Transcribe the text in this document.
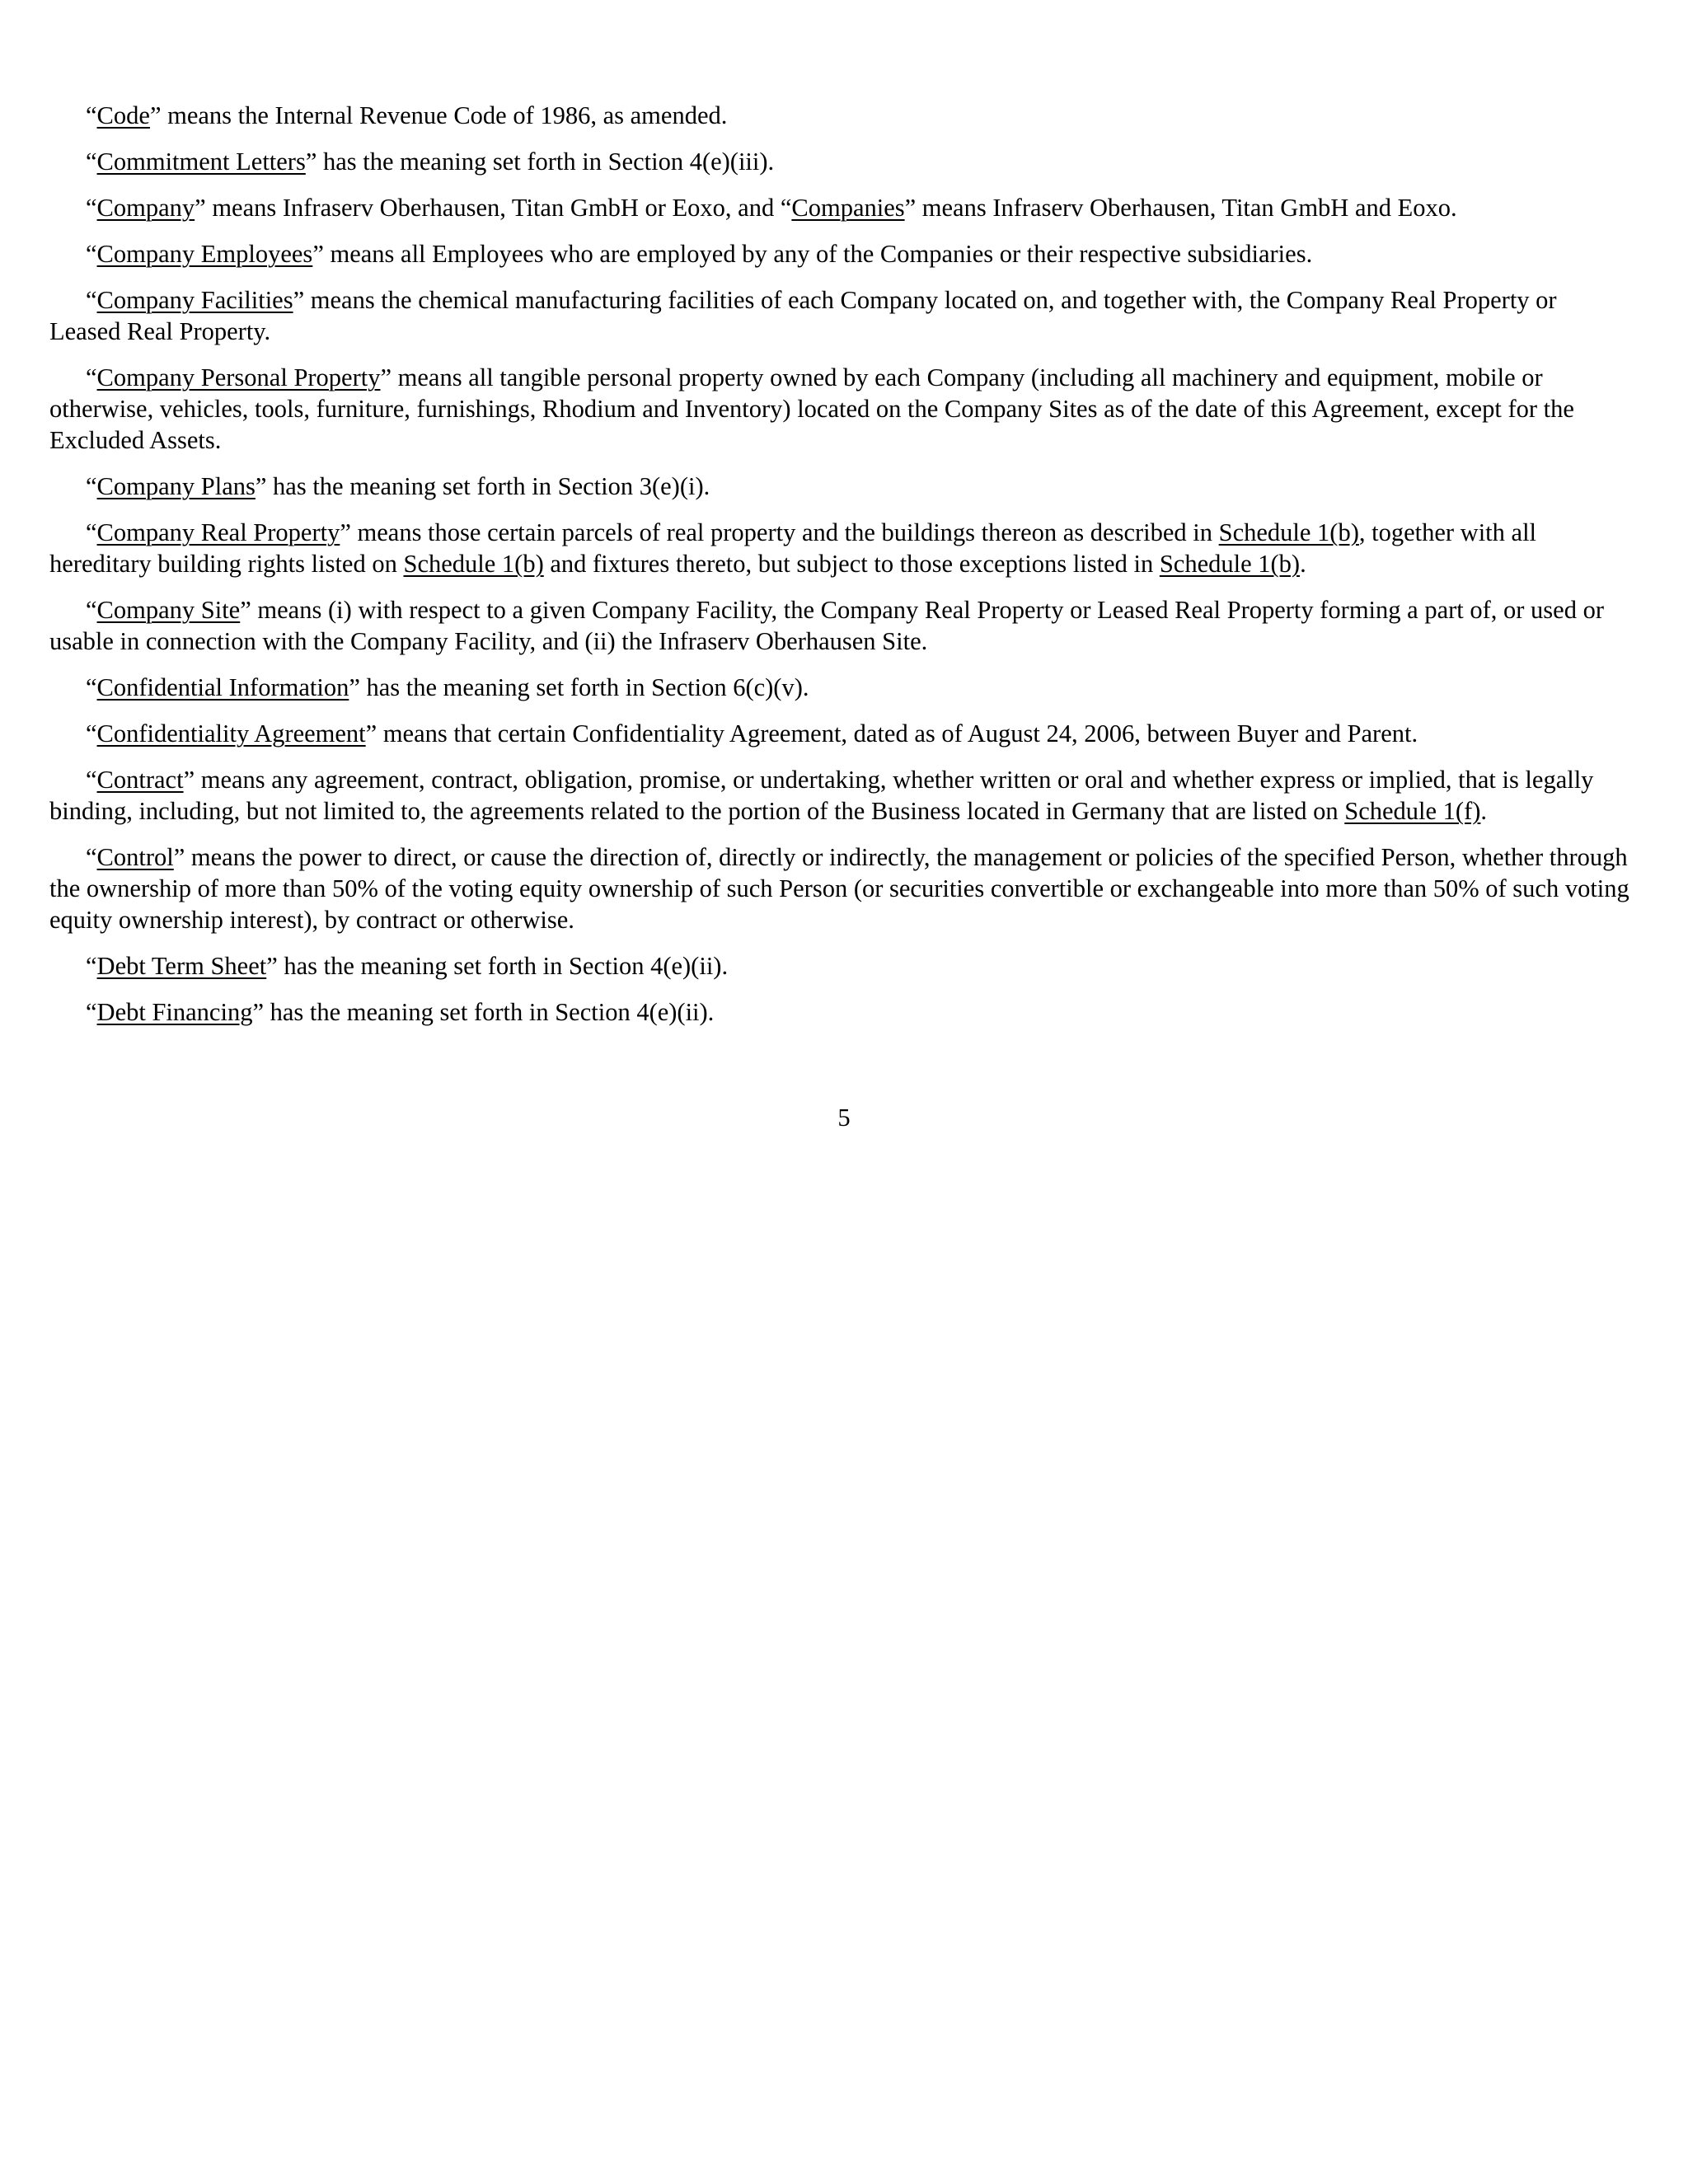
“Code” means the Internal Revenue Code of 1986, as amended.

“Commitment Letters” has the meaning set forth in Section 4(e)(iii).

“Company” means Infraserv Oberhausen, Titan GmbH or Eoxo, and “Companies” means Infraserv Oberhausen, Titan GmbH and Eoxo.

“Company Employees” means all Employees who are employed by any of the Companies or their respective subsidiaries.

“Company Facilities” means the chemical manufacturing facilities of each Company located on, and together with, the Company Real Property or Leased Real Property.

“Company Personal Property” means all tangible personal property owned by each Company (including all machinery and equipment, mobile or otherwise, vehicles, tools, furniture, furnishings, Rhodium and Inventory) located on the Company Sites as of the date of this Agreement, except for the Excluded Assets.

“Company Plans” has the meaning set forth in Section 3(e)(i).

“Company Real Property” means those certain parcels of real property and the buildings thereon as described in Schedule 1(b), together with all hereditary building rights listed on Schedule 1(b) and fixtures thereto, but subject to those exceptions listed in Schedule 1(b).

“Company Site” means (i) with respect to a given Company Facility, the Company Real Property or Leased Real Property forming a part of, or used or usable in connection with the Company Facility, and (ii) the Infraserv Oberhausen Site.

“Confidential Information” has the meaning set forth in Section 6(c)(v).

“Confidentiality Agreement” means that certain Confidentiality Agreement, dated as of August 24, 2006, between Buyer and Parent.

“Contract” means any agreement, contract, obligation, promise, or undertaking, whether written or oral and whether express or implied, that is legally binding, including, but not limited to, the agreements related to the portion of the Business located in Germany that are listed on Schedule 1(f).

“Control” means the power to direct, or cause the direction of, directly or indirectly, the management or policies of the specified Person, whether through the ownership of more than 50% of the voting equity ownership of such Person (or securities convertible or exchangeable into more than 50% of such voting equity ownership interest), by contract or otherwise.

“Debt Term Sheet” has the meaning set forth in Section 4(e)(ii).

“Debt Financing” has the meaning set forth in Section 4(e)(ii).

5
